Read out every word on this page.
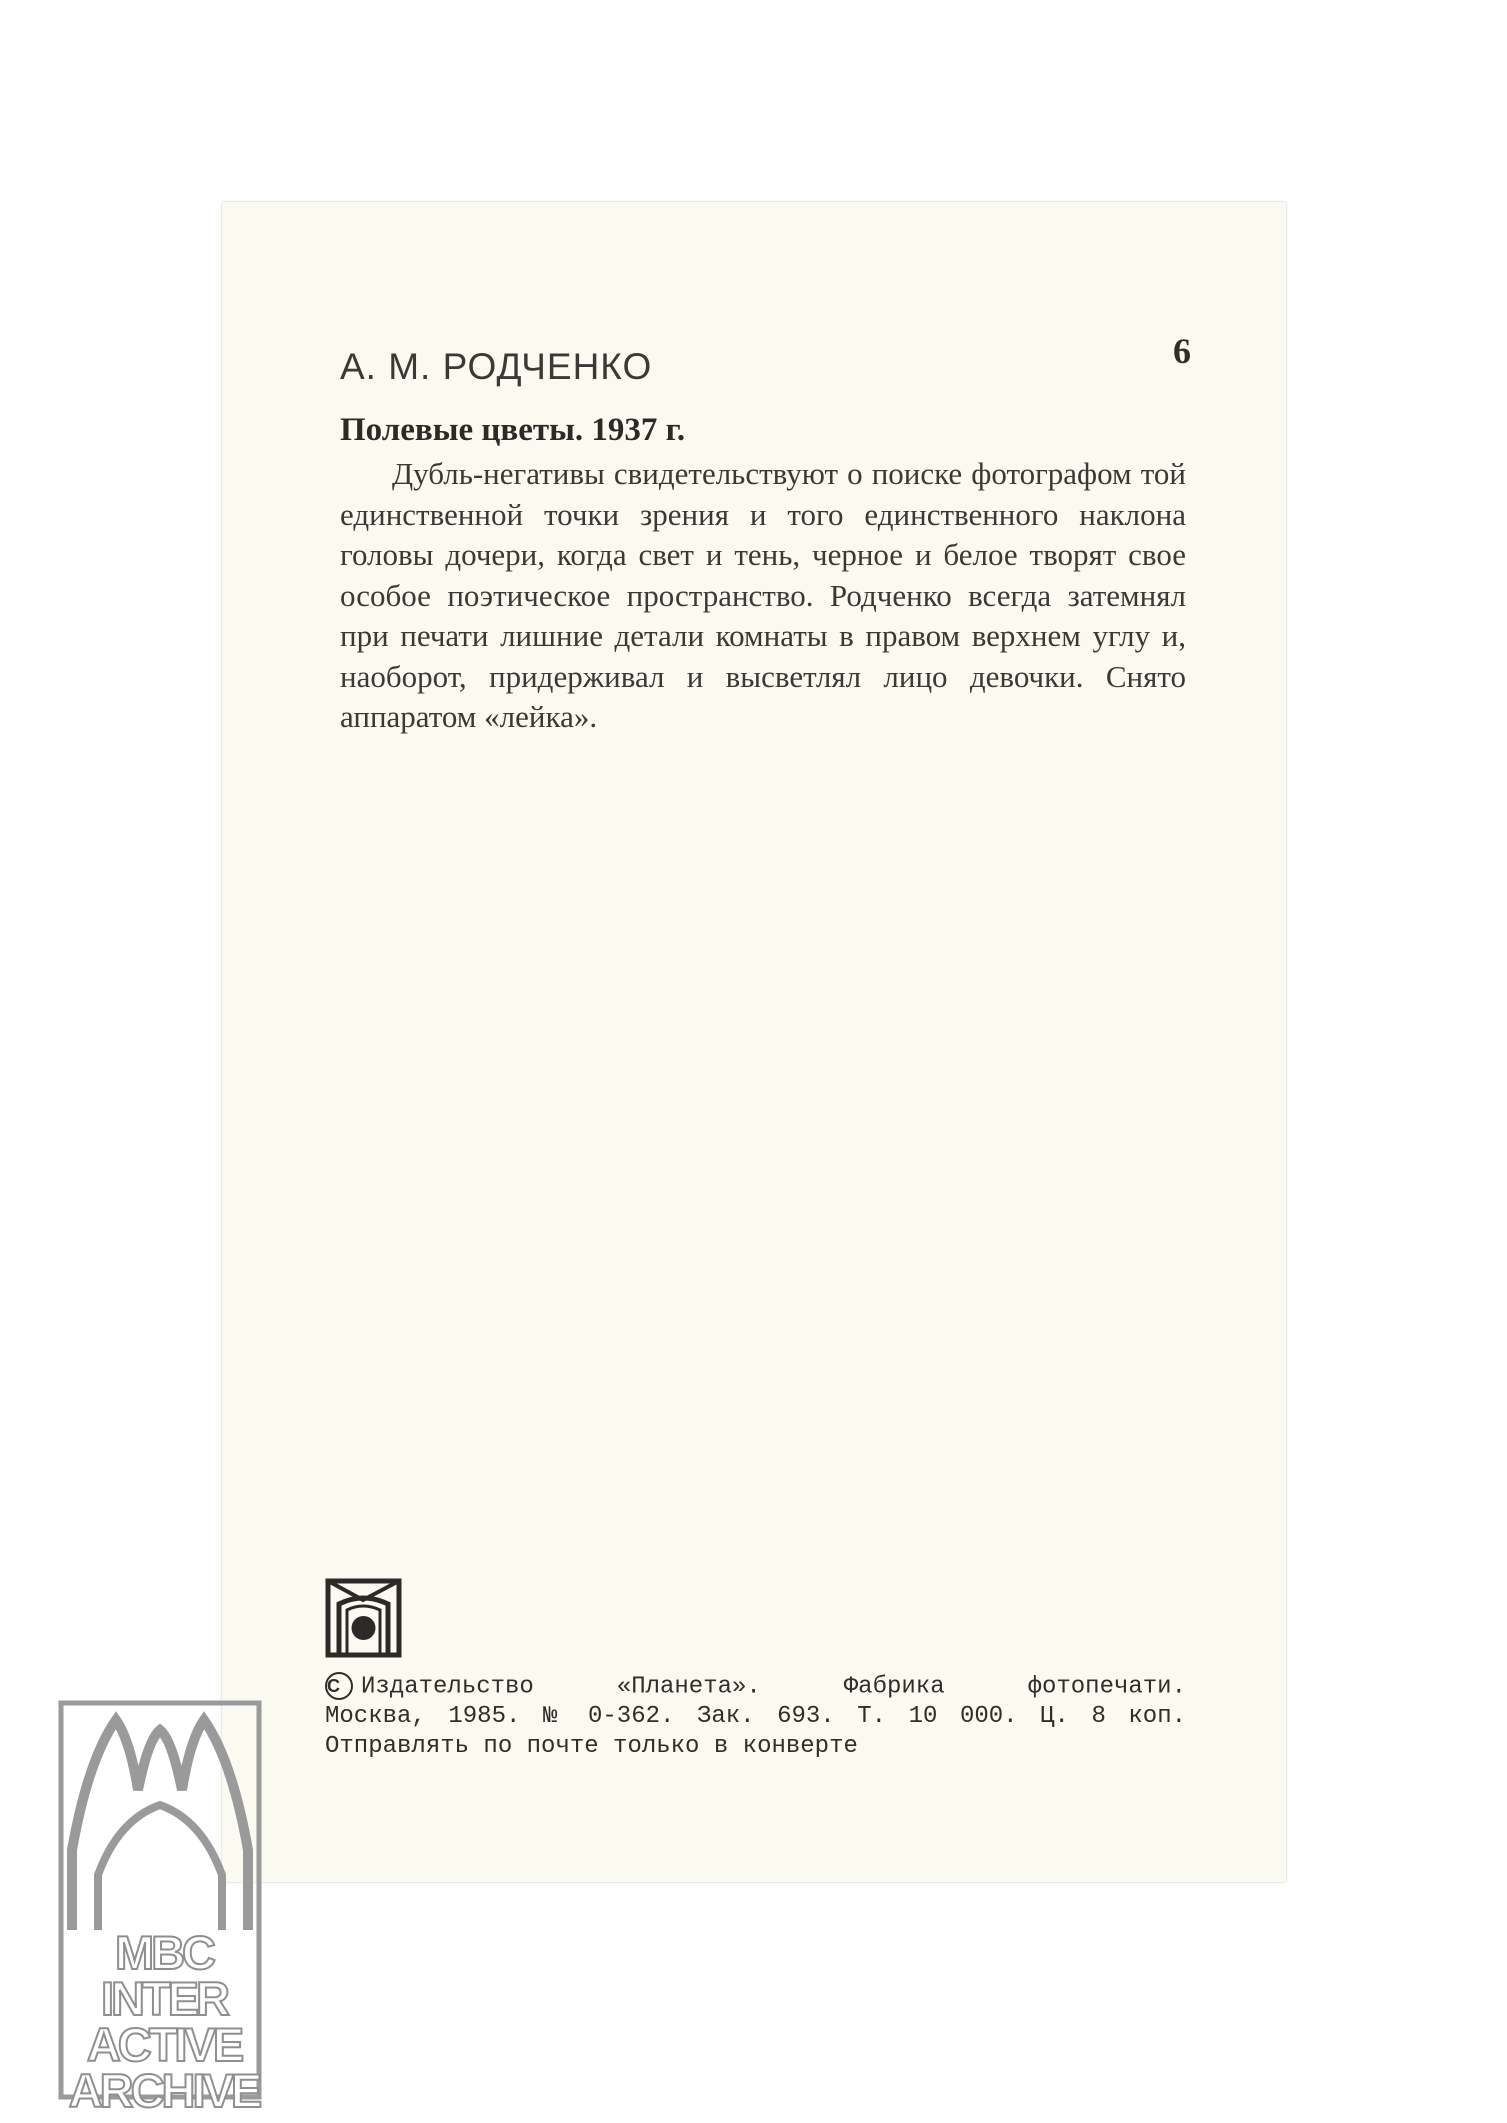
А. М. РОДЧЕНКО	6
Полевые цветы. 1937 г.

Дубль-негативы свидетельствуют о поиске фотографом той единственной точки зрения и того единственного наклона головы дочери, когда свет и тень, черное и белое творят свое особое поэтическое пространство. Родченко всегда затемнял при печати лишние детали комнаты в правом верхнем углу и, наоборот, придерживал и высветлял лицо девочки. Снято аппаратом «лейка».

С Издательство «Планета». Фабрика фотопечати.
Москва, 1985. № 0-362. Зак. 693. Т. 10 000. Ц. 8 коп.
Отправлять по почте только в конверте
MBC
INTER
ACTIVE
ARCHIVE
